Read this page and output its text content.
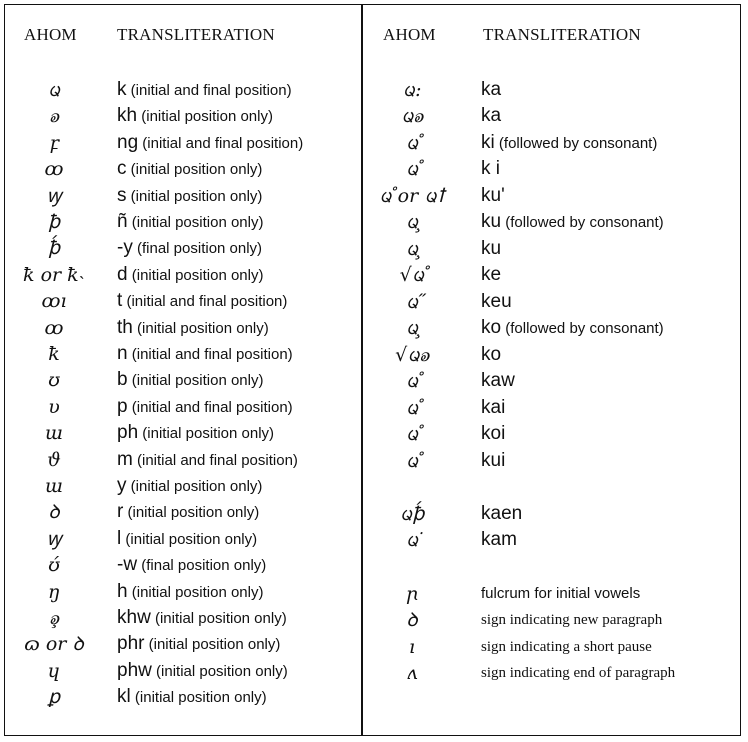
AHOM TRANSLITERATION	AHOM	TRANSLITERATION
ᨾ	k (initial and final position)
ꭷ	kh (initial position only)
ꝼ	ng (initial and final position)
ꝏ	c (initial position only)
ꝡ	s (initial position only)
ꝥ	ñ (initial position only)
ꝥ́	-y (final position only)
ꝁ or ꝁ˴	d (initial position only)
ꝏı	t (initial and final position)
ꝏ	th (initial position only)
ꝁ	n (initial and final position)
ʊ	b (initial position only)
υ	p (initial and final position)
ɯ	ph (initial position only)
ϑ	m (initial and final position)
ɯ	y (initial position only)
ꝺ	r (initial position only)
ꝡ	l (initial position only)
ʊ́	-w (final position only)
ŋ	h (initial position only)
ꭷ̧	khw (initial position only)
ɷ or ꝺ	phr (initial position only)
ɥ	phw (initial position only)
ꝑ	kl (initial position only)
ᨾ:	ka
ᨾꭷ	ka
ᨾ̊	ki (followed by consonant)
ᨾ̊	k i
ᨾ̊ or ᨾꝉ	ku'
ᨾ̧	ku (followed by consonant)
ᨾ̧	ku
√ᨾ̊	ke
ᨾ̋	keu
ᨾ̧	ko (followed by consonant)
√ᨾꭷ	ko
ᨾ̊	kaw
ᨾ̊	kai
ᨾ̊	koi
ᨾ̊	kui
ᨾꝥ́	kaen
ᨾ̇	kam
ꞃ	fulcrum for initial vowels
ꝺ	sign indicating new paragraph
ı	sign indicating a short pause
ʌ	sign indicating end of paragraph
